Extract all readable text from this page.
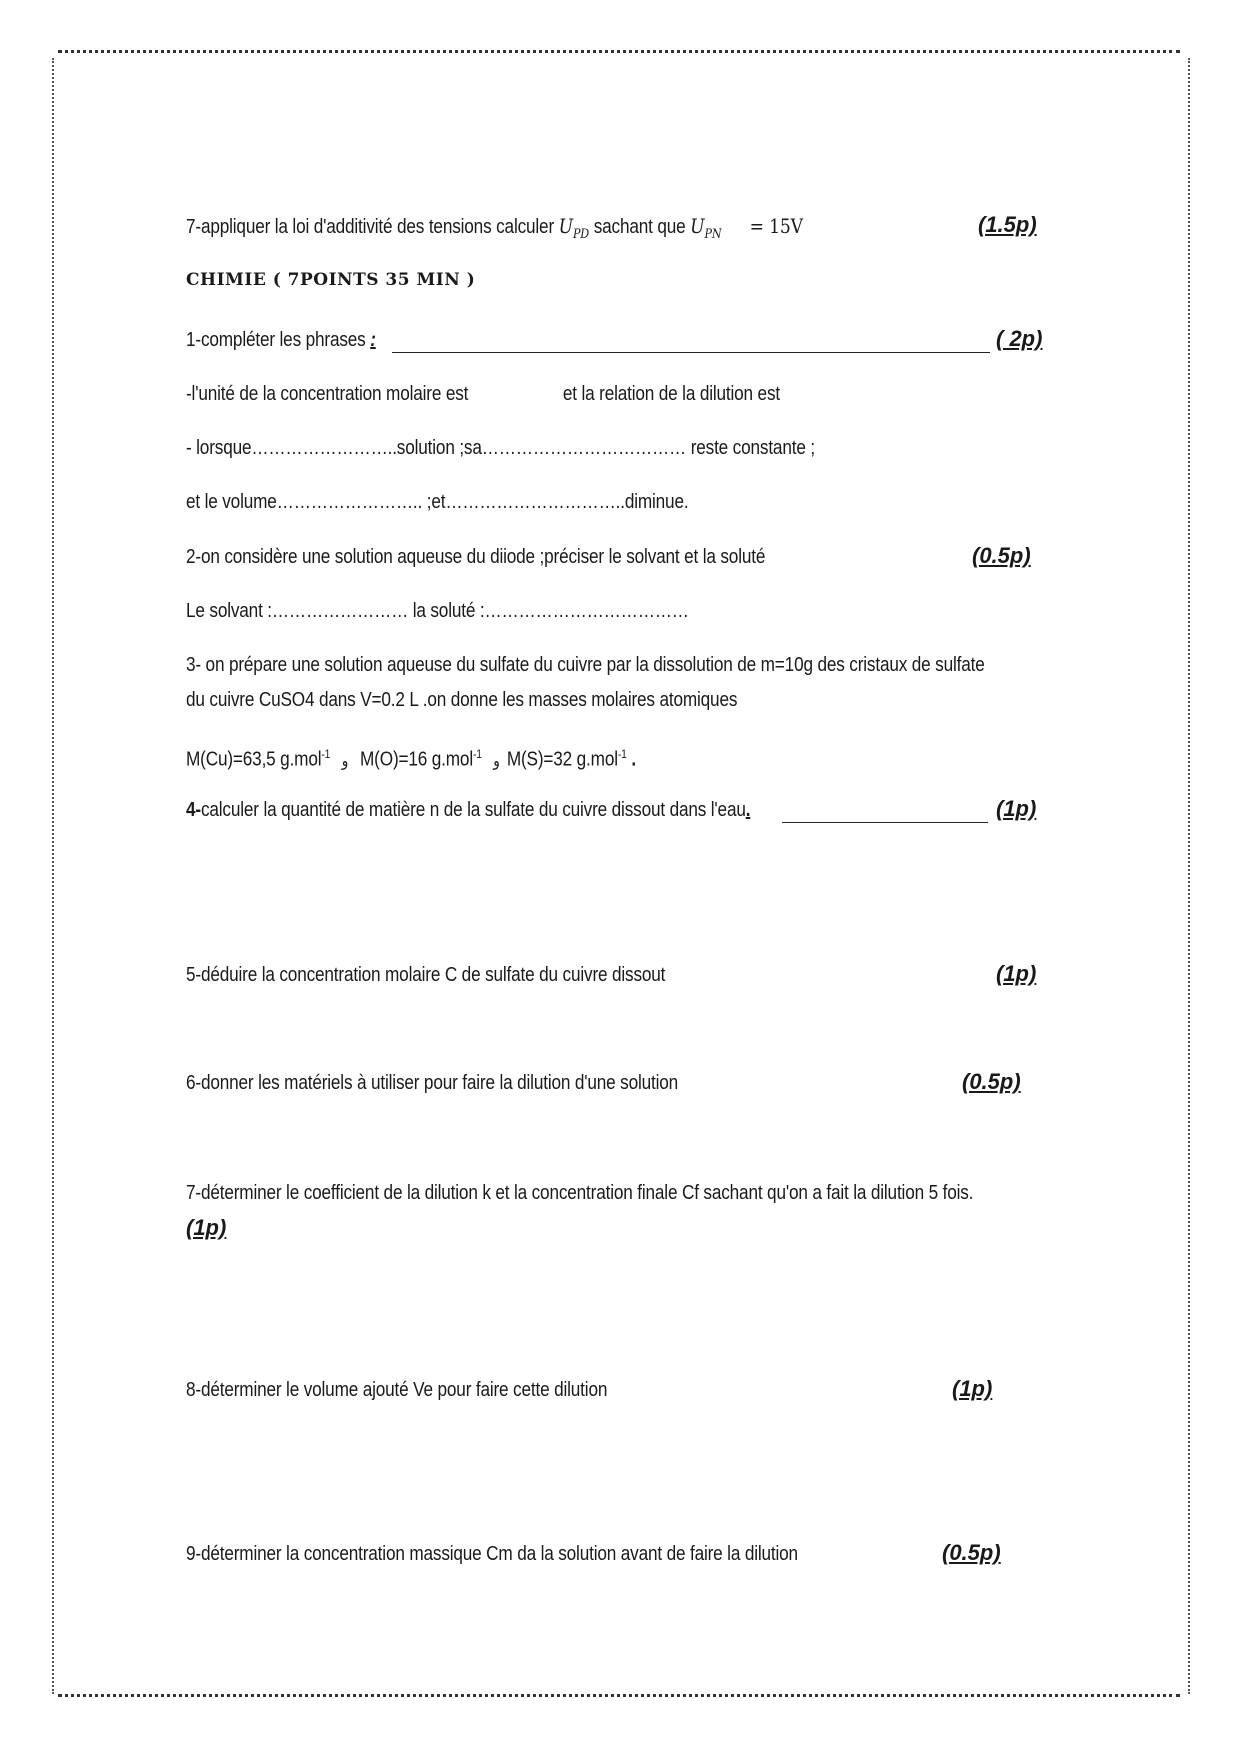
7-appliquer la loi d'additivité des tensions calculer $U_{PD}$ sachant que $U_{PN} = 15V$	(1.5p)
CHIMIE ( 7POINTS 35 MIN )
1-compléter les phrases :	( 2p)
-l'unité de la concentration molaire est	et la relation de la dilution est
- lorsque……………………..solution ;sa……………………………… reste constante ;
et le volume…………………….. ;et…………………………..diminue.
2-on considère une solution aqueuse du diiode ;préciser le solvant et la soluté	(0.5p)
Le solvant :…………………… la soluté :………………………………
3- on prépare une solution aqueuse du sulfate du cuivre par la dissolution de m=10g des cristaux de sulfate
du cuivre CuSO4 dans V=0.2 L .on donne les masses molaires atomiques
M(Cu)=63,5 g.mol$^{-1}$ و M(O)=16 g.mol$^{-1}$ و M(S)=32 g.mol$^{-1}$ .
4-calculer la quantité de matière n de la sulfate du cuivre dissout dans l'eau.	(1p)
5-déduire la concentration molaire C de sulfate du cuivre dissout	(1p)
6-donner les matériels à utiliser pour faire la dilution d'une solution	(0.5p)
7-déterminer le coefficient de la dilution k et la concentration finale Cf sachant qu'on a fait la dilution 5 fois.
(1p)
8-déterminer le volume ajouté Ve pour faire cette dilution	(1p)
9-déterminer la concentration massique Cm da la solution avant de faire la dilution	(0.5p)
